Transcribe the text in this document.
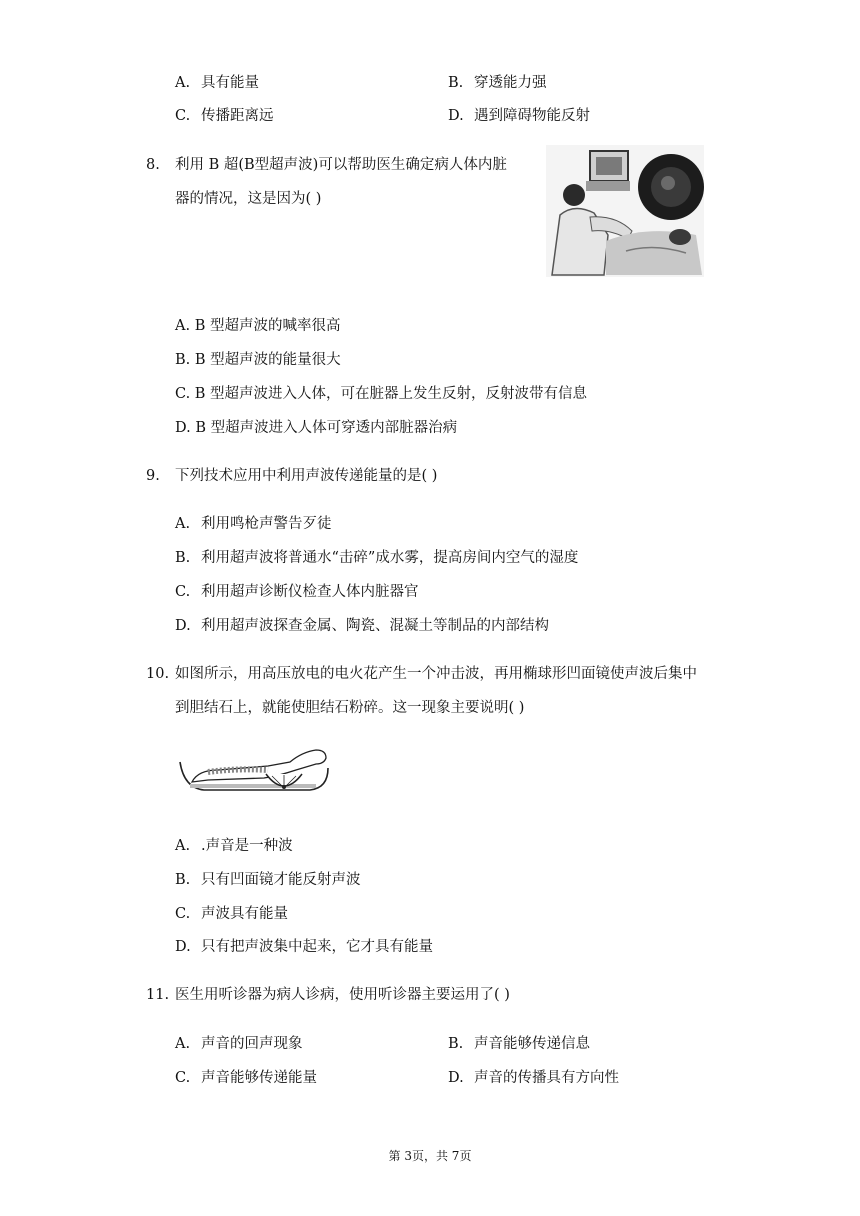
A. 具有能量	B. 穿透能力强
C. 传播距离远	D. 遇到障碍物能反射
8. 利用 B 超(B型超声波)可以帮助医生确定病人体内脏
器的情况，这是因为( )
A. B 型超声波的喊率很高
B. B 型超声波的能量很大
C. B 型超声波进入人体，可在脏器上发生反射，反射波带有信息
D. B 型超声波进入人体可穿透内部脏器治病
9. 下列技术应用中利用声波传递能量的是( )
A. 利用鸣枪声警告歹徒
B. 利用超声波将普通水“击碎”成水雾，提高房间内空气的湿度
C. 利用超声诊断仪检查人体内脏器官
D. 利用超声波探查金属、陶瓷、混凝土等制品的内部结构
10. 如图所示，用高压放电的电火花产生一个冲击波，再用椭球形凹面镜使声波后集中
到胆结石上，就能使胆结石粉碎。这一现象主要说明( )
A. .声音是一种波
B. 只有凹面镜才能反射声波
C. 声波具有能量
D. 只有把声波集中起来，它才具有能量
11. 医生用听诊器为病人诊病，使用听诊器主要运用了( )
A. 声音的回声现象	B. 声音能够传递信息
C. 声音能够传递能量	D. 声音的传播具有方向性
第 3页，共 7页
